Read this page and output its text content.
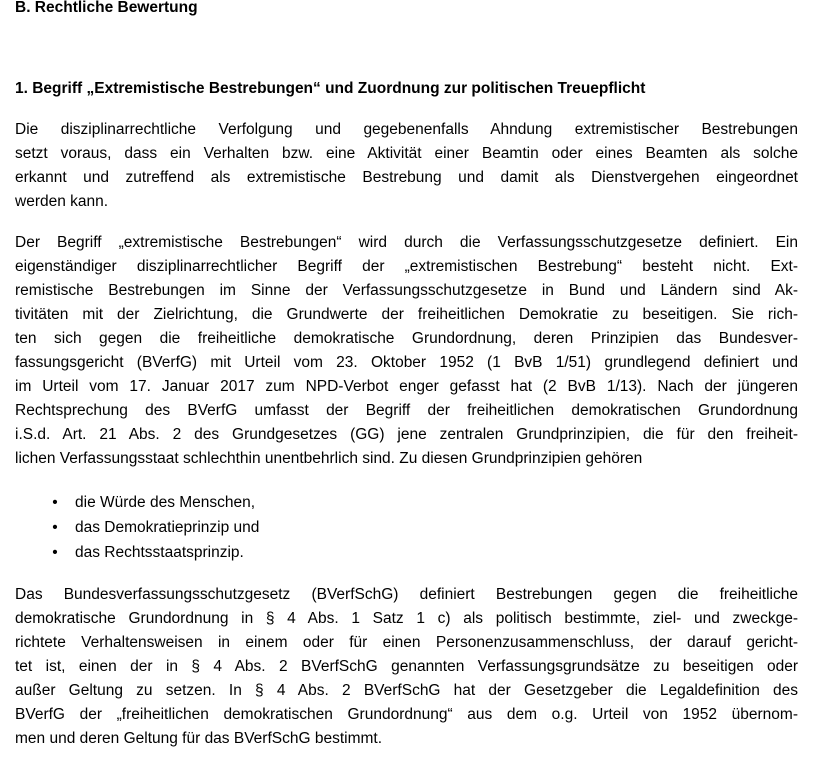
B. Rechtliche Bewertung
1. Begriff „Extremistische Bestrebungen“ und Zuordnung zur politischen Treuepflicht
Die disziplinarrechtliche Verfolgung und gegebenenfalls Ahndung extremistischer Bestrebungen
setzt voraus, dass ein Verhalten bzw. eine Aktivität einer Beamtin oder eines Beamten als solche
erkannt und zutreffend als extremistische Bestrebung und damit als Dienstvergehen eingeordnet
werden kann.
Der Begriff „extremistische Bestrebungen“ wird durch die Verfassungsschutzgesetze definiert. Ein
eigenständiger disziplinarrechtlicher Begriff der „extremistischen Bestrebung“ besteht nicht. Ext-
remistische Bestrebungen im Sinne der Verfassungsschutzgesetze in Bund und Ländern sind Ak-
tivitäten mit der Zielrichtung, die Grundwerte der freiheitlichen Demokratie zu beseitigen. Sie rich-
ten sich gegen die freiheitliche demokratische Grundordnung, deren Prinzipien das Bundesver-
fassungsgericht (BVerfG) mit Urteil vom 23. Oktober 1952 (1 BvB 1/51) grundlegend definiert und
im Urteil vom 17. Januar 2017 zum NPD-Verbot enger gefasst hat (2 BvB 1/13). Nach der jüngeren
Rechtsprechung des BVerfG umfasst der Begriff der freiheitlichen demokratischen Grundordnung
i.S.d. Art. 21 Abs. 2 des Grundgesetzes (GG) jene zentralen Grundprinzipien, die für den freiheit-
lichen Verfassungsstaat schlechthin unentbehrlich sind. Zu diesen Grundprinzipien gehören
•	die Würde des Menschen,
•	das Demokratieprinzip und
•	das Rechtsstaatsprinzip.
Das Bundesverfassungsschutzgesetz (BVerfSchG) definiert Bestrebungen gegen die freiheitliche
demokratische Grundordnung in § 4 Abs. 1 Satz 1 c) als politisch bestimmte, ziel- und zweckge-
richtete Verhaltensweisen in einem oder für einen Personenzusammenschluss, der darauf gericht-
tet ist, einen der in § 4 Abs. 2 BVerfSchG genannten Verfassungsgrundsätze zu beseitigen oder
außer Geltung zu setzen. In § 4 Abs. 2 BVerfSchG hat der Gesetzgeber die Legaldefinition des
BVerfG der „freiheitlichen demokratischen Grundordnung“ aus dem o.g. Urteil von 1952 übernom-
men und deren Geltung für das BVerfSchG bestimmt.
